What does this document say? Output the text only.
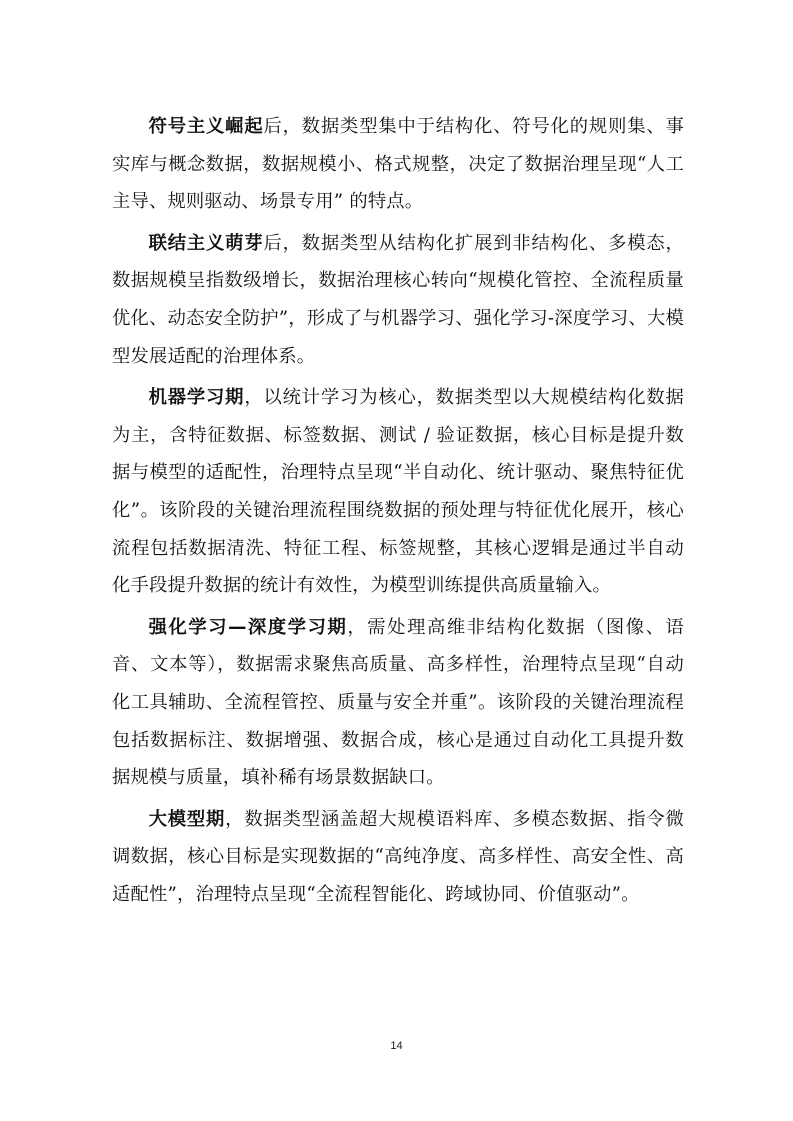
符号主义崛起后，数据类型集中于结构化、符号化的规则集、事实库与概念数据，数据规模小、格式规整，决定了数据治理呈现“人工主导、规则驱动、场景专用” 的特点。

联结主义萌芽后，数据类型从结构化扩展到非结构化、多模态，数据规模呈指数级增长，数据治理核心转向“规模化管控、全流程质量优化、动态安全防护”，形成了与机器学习、强化学习-深度学习、大模型发展适配的治理体系。

机器学习期，以统计学习为核心，数据类型以大规模结构化数据为主，含特征数据、标签数据、测试 / 验证数据，核心目标是提升数据与模型的适配性，治理特点呈现“半自动化、统计驱动、聚焦特征优化”。该阶段的关键治理流程围绕数据的预处理与特征优化展开，核心流程包括数据清洗、特征工程、标签规整，其核心逻辑是通过半自动化手段提升数据的统计有效性，为模型训练提供高质量输入。

强化学习—深度学习期，需处理高维非结构化数据（图像、语音、文本等），数据需求聚焦高质量、高多样性，治理特点呈现“自动化工具辅助、全流程管控、质量与安全并重”。该阶段的关键治理流程包括数据标注、数据增强、数据合成，核心是通过自动化工具提升数据规模与质量，填补稀有场景数据缺口。

大模型期，数据类型涵盖超大规模语料库、多模态数据、指令微调数据，核心目标是实现数据的“高纯净度、高多样性、高安全性、高适配性”，治理特点呈现“全流程智能化、跨域协同、价值驱动”。

14
